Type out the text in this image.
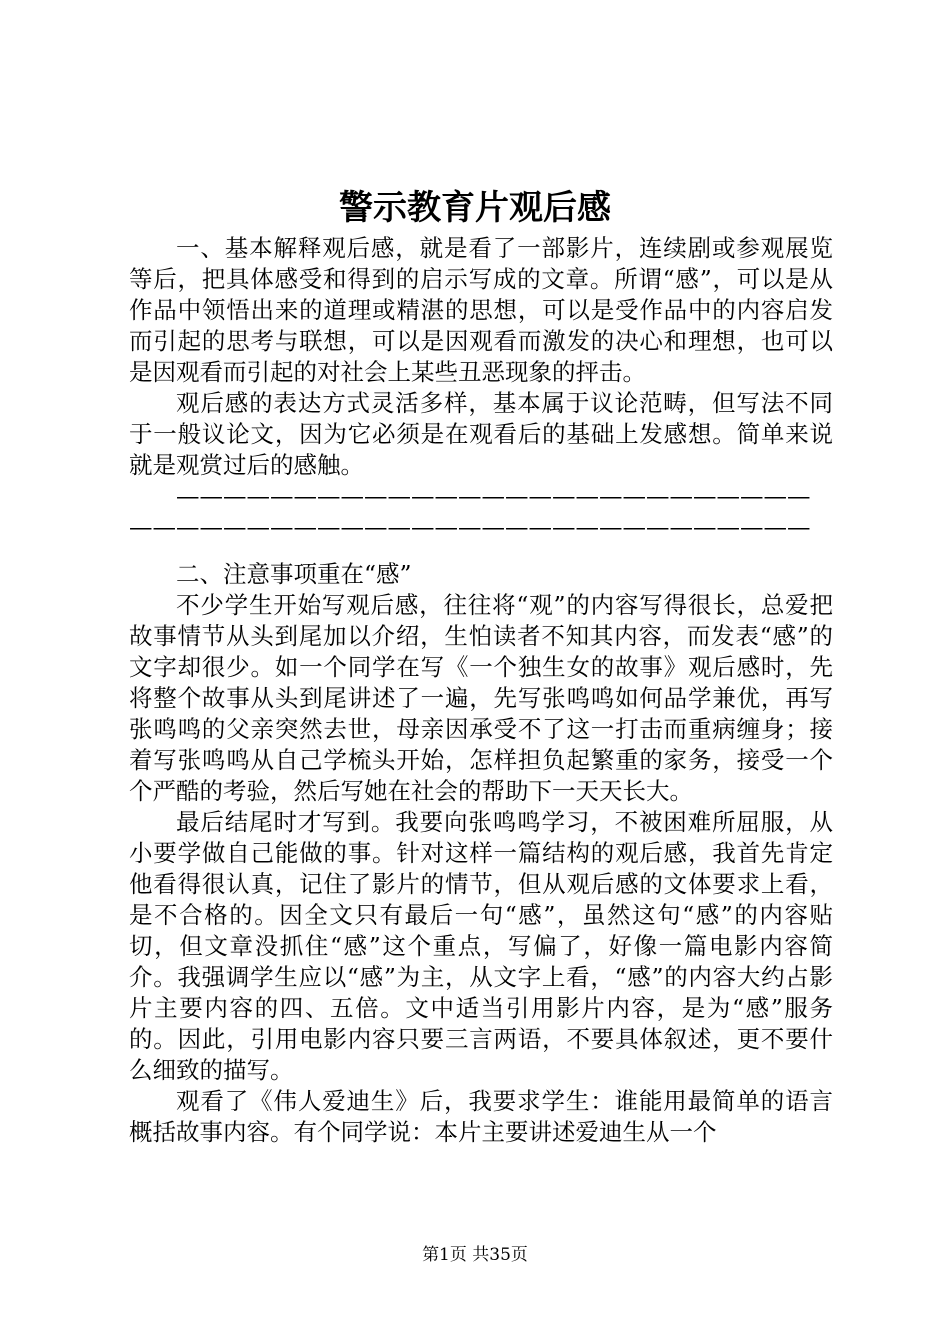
警示教育片观后感

一、基本解释观后感，就是看了一部影片，连续剧或参观展览等后，把具体感受和得到的启示写成的文章。所谓“感”，可以是从作品中领悟出来的道理或精湛的思想，可以是受作品中的内容启发而引起的思考与联想，可以是因观看而激发的决心和理想，也可以是因观看而引起的对社会上某些丑恶现象的抨击。

观后感的表达方式灵活多样，基本属于议论范畴，但写法不同于一般议论文，因为它必须是在观看后的基础上发感想。简单来说就是观赏过后的感触。

————————————————————————————————————————————————————————

二、注意事项重在“感”

不少学生开始写观后感，往往将“观”的内容写得很长，总爱把故事情节从头到尾加以介绍，生怕读者不知其内容，而发表“感”的文字却很少。如一个同学在写《一个独生女的故事》观后感时，先将整个故事从头到尾讲述了一遍，先写张鸣鸣如何品学兼优，再写张鸣鸣的父亲突然去世，母亲因承受不了这一打击而重病缠身；接着写张鸣鸣从自己学梳头开始，怎样担负起繁重的家务，接受一个个严酷的考验，然后写她在社会的帮助下一天天长大。

最后结尾时才写到。我要向张鸣鸣学习，不被困难所屈服，从小要学做自己能做的事。针对这样一篇结构的观后感，我首先肯定他看得很认真，记住了影片的情节，但从观后感的文体要求上看，是不合格的。因全文只有最后一句“感”，虽然这句“感”的内容贴切，但文章没抓住“感”这个重点，写偏了，好像一篇电影内容简介。我强调学生应以“感”为主，从文字上看，“感”的内容大约占影片主要内容的四、五倍。文中适当引用影片内容，是为“感”服务的。因此，引用电影内容只要三言两语，不要具体叙述，更不要什么细致的描写。

观看了《伟人爱迪生》后，我要求学生：谁能用最简单的语言概括故事内容。有个同学说：本片主要讲述爱迪生从一个

第1页 共35页
